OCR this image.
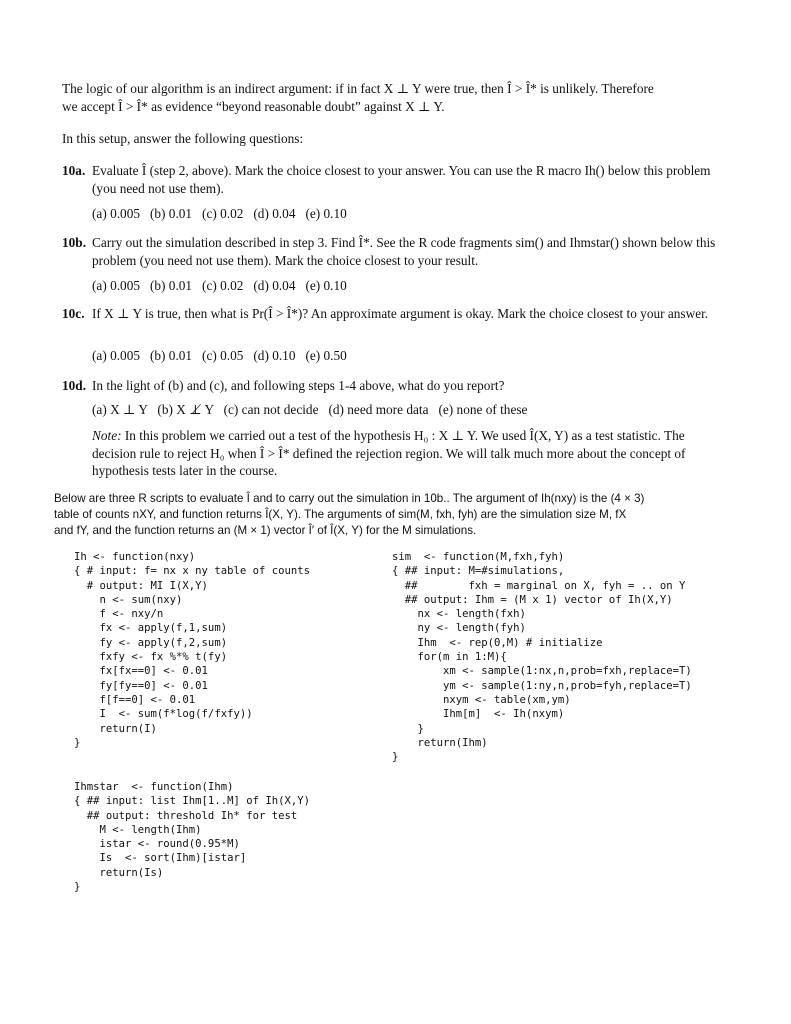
The logic of our algorithm is an indirect argument: if in fact X ⊥ Y were true, then Î > Î* is unlikely. Therefore
we accept Î > Î* as evidence “beyond reasonable doubt” against X ⊥ Y.
In this setup, answer the following questions:
10a. Evaluate Î (step 2, above). Mark the choice closest to your answer. You can use the R macro Ih() below this problem (you need not use them).
(a) 0.005   (b) 0.01   (c) 0.02   (d) 0.04   (e) 0.10
10b. Carry out the simulation described in step 3. Find Î*. See the R code fragments sim() and Ihmstar() shown below this problem (you need not use them). Mark the choice closest to your result.
(a) 0.005   (b) 0.01   (c) 0.02   (d) 0.04   (e) 0.10
10c. If X ⊥ Y is true, then what is Pr(Î > Î*)? An approximate argument is okay. Mark the choice closest to your answer.
(a) 0.005   (b) 0.01   (c) 0.05   (d) 0.10   (e) 0.50
10d. In the light of (b) and (c), and following steps 1-4 above, what do you report?
(a) X ⊥ Y   (b) X ⊥̸ Y   (c) can not decide   (d) need more data   (e) none of these
Note: In this problem we carried out a test of the hypothesis H₀ : X ⊥ Y. We used Î(X, Y) as a test statistic. The decision rule to reject H₀ when Î > Î* defined the rejection region. We will talk much more about the concept of hypothesis tests later in the course.
Below are three R scripts to evaluate Î and to carry out the simulation in 10b.. The argument of Ih(nxy) is the (4 × 3)
table of counts nXY, and function returns Î(X, Y). The arguments of sim(M, fxh, fyh) are the simulation size M, fX
and fY, and the function returns an (M × 1) vector Î′ of Î(X, Y) for the M simulations.
Ih <- function(nxy)
{ # input: f= nx x ny table of counts
# output: MI I(X,Y)
n <- sum(nxy)
f <- nxy/n
fx <- apply(f,1,sum)
fy <- apply(f,2,sum)
fxfy <- fx %*% t(fy)
fx[fx==0] <- 0.01
fy[fy==0] <- 0.01
f[f==0] <- 0.01
I  <- sum(f*log(f/fxfy))
return(I)
}
sim  <- function(M,fxh,fyh)
{ ## input: M=#simulations,
##        fxh = marginal on X, fyh = .. on Y
## output: Ihm = (M x 1) vector of Ih(X,Y)
nx <- length(fxh)
ny <- length(fyh)
Ihm  <- rep(0,M) # initialize
for(m in 1:M){
xm <- sample(1:nx,n,prob=fxh,replace=T)
ym <- sample(1:ny,n,prob=fyh,replace=T)
nxym <- table(xm,ym)
Ihm[m]  <- Ih(nxym)
}
return(Ihm)
}
Ihmstar  <- function(Ihm)
{ ## input: list Ihm[1..M] of Ih(X,Y)
## output: threshold Ih* for test
M <- length(Ihm)
istar <- round(0.95*M)
Is  <- sort(Ihm)[istar]
return(Is)
}
